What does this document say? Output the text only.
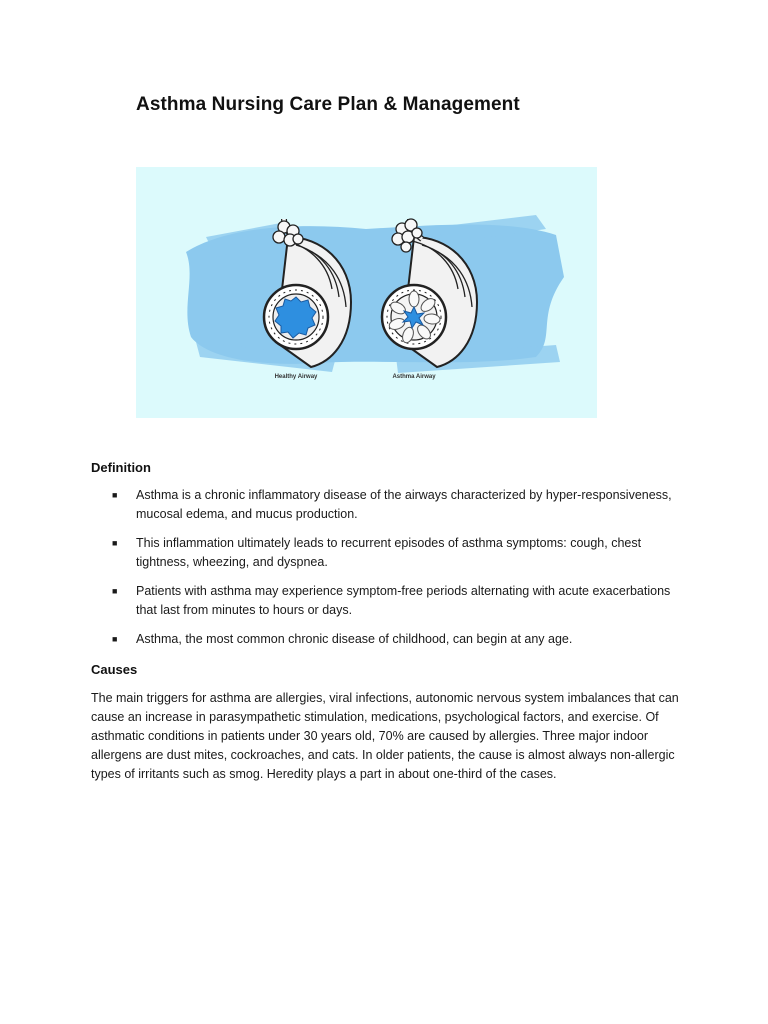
Asthma Nursing Care Plan & Management
Healthy Airway	Asthma Airway
Definition
■ Asthma is a chronic inflammatory disease of the airways characterized by hyper-responsiveness, mucosal edema, and mucus production.
■ This inflammation ultimately leads to recurrent episodes of asthma symptoms: cough, chest tightness, wheezing, and dyspnea.
■ Patients with asthma may experience symptom-free periods alternating with acute exacerbations that last from minutes to hours or days.
■ Asthma, the most common chronic disease of childhood, can begin at any age.
Causes

The main triggers for asthma are allergies, viral infections, autonomic nervous system imbalances that can cause an increase in parasympathetic stimulation, medications, psychological factors, and exercise. Of asthmatic conditions in patients under 30 years old, 70% are caused by allergies. Three major indoor allergens are dust mites, cockroaches, and cats. In older patients, the cause is almost always non-allergic types of irritants such as smog. Heredity plays a part in about one-third of the cases.
